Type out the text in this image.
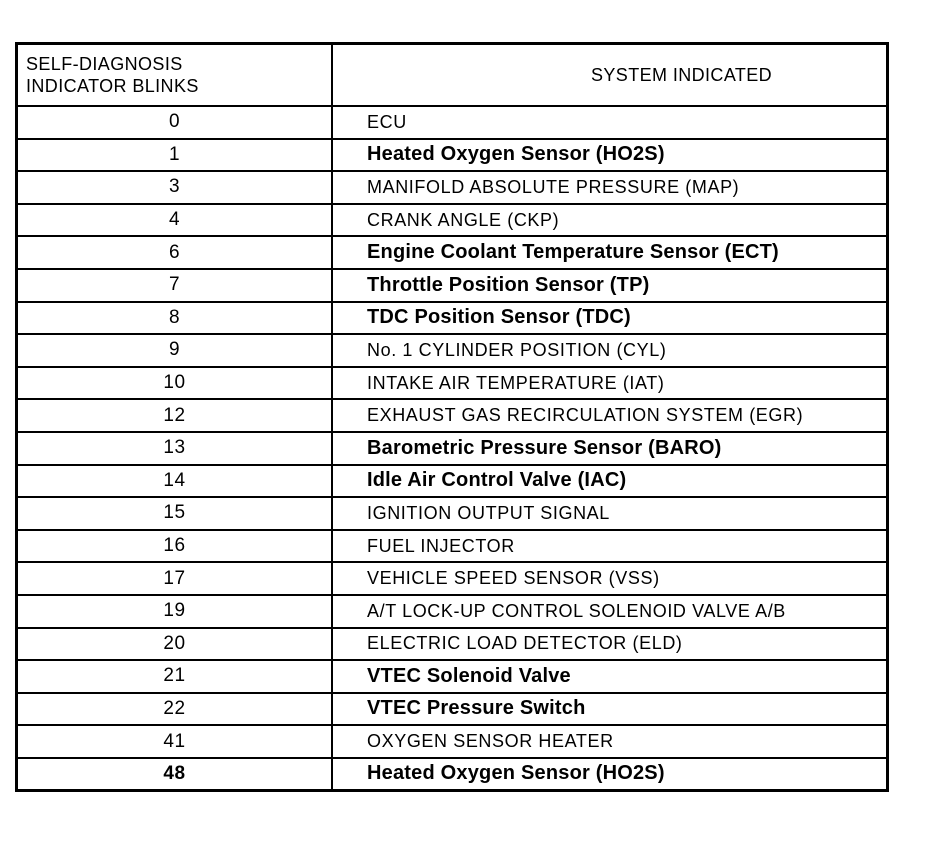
SELF-DIAGNOSIS
INDICATOR BLINKS	SYSTEM INDICATED
0	ECU
1	Heated Oxygen Sensor (HO2S)
3	MANIFOLD ABSOLUTE PRESSURE (MAP)
4	CRANK ANGLE (CKP)
6	Engine Coolant Temperature Sensor (ECT)
7	Throttle Position Sensor (TP)
8	TDC Position Sensor (TDC)
9	No. 1 CYLINDER POSITION (CYL)
10	INTAKE AIR TEMPERATURE (IAT)
12	EXHAUST GAS RECIRCULATION SYSTEM (EGR)
13	Barometric Pressure Sensor (BARO)
14	Idle Air Control Valve (IAC)
15	IGNITION OUTPUT SIGNAL
16	FUEL INJECTOR
17	VEHICLE SPEED SENSOR (VSS)
19	A/T LOCK-UP CONTROL SOLENOID VALVE A/B
20	ELECTRIC LOAD DETECTOR (ELD)
21	VTEC Solenoid Valve
22	VTEC Pressure Switch
41	OXYGEN SENSOR HEATER
48	Heated Oxygen Sensor (HO2S)
